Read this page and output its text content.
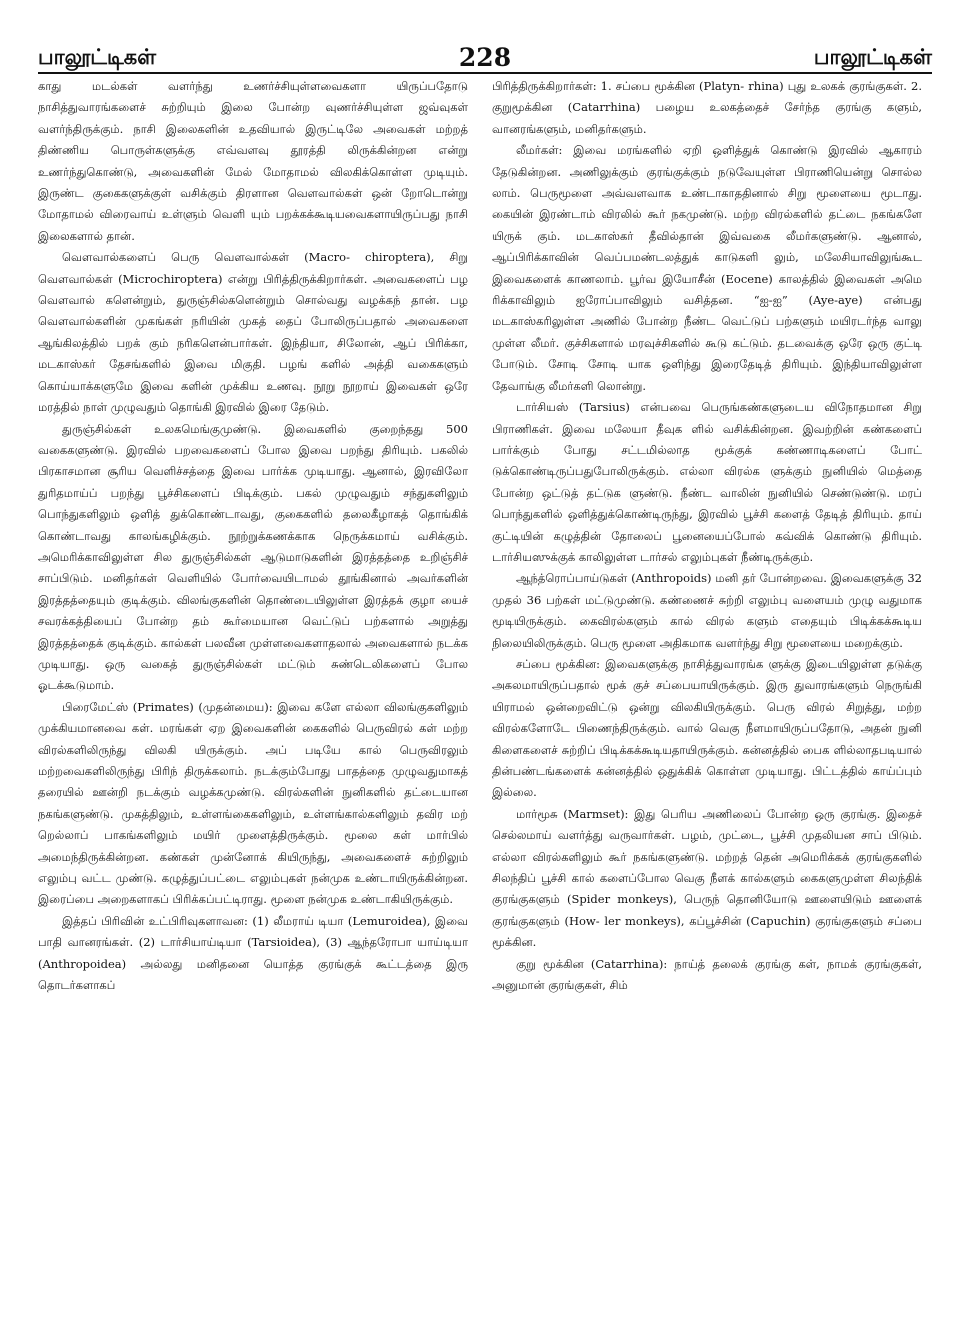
பாலூட்டிகள்	228	பாலூட்டிகள்

காது மடல்கள் வளர்ந்து உணர்ச்சியுள்ளவைகளா யிருப்பதோடு நாசித்துவாரங்களைச் சுற்றியும் இலை போன்ற வுணர்ச்சியுள்ள ஜவ்வுகள் வளர்ந்திருக்கும். நாசி இலைகளின் உதவியால் இருட்டிலே அவைகள் மற்றத் திண்ணிய பொருள்களுக்கு எவ்வளவு தூரத்தி லிருக்கின்றன என்று உணர்ந்துகொண்டு, அவைகளின் மேல் மோதாமல் விலகிக்கொள்ள முடியும். இருண்ட குகைகளுக்குள் வசிக்கும் திரளான வௌவால்கள் ஒன் றோடொன்று மோதாமல் விரைவாய் உள்ளும் வெளி யும் பறக்கக்கூடியவைகளாயிருப்பது நாசி இலைகளால் தான்.

வௌவால்களைப் பெரு வௌவால்கள் (Macro- chiroptera), சிறு வௌவால்கள் (Microchiroptera) என்று பிரித்திருக்கிறார்கள். அவைகளைப் பழ வௌவால் களென்றும், துருஞ்சில்களென்றும் சொல்வது வழக்கந் தான். பழ வௌவால்களின் முகங்கள் நரியின் முகத் தைப் போலிருப்பதால் அவைகளை ஆங்கிலத்தில் பறக் கும் நரிகளென்பார்கள். இந்தியா, சிலோன், ஆப் பிரிக்கா, மடகாஸ்கர் தேசங்களில் இவை மிகுதி. பழங் களில் அத்தி வகைகளும் கொய்யாக்களுமே இவை களின் முக்கிய உணவு. நூறு நூறாய் இவைகள் ஒரே மரத்தில் நாள் முழுவதும் தொங்கி இரவில் இரை தேடும்.

துருஞ்சில்கள் உலகமெங்குமுண்டு. இவைகளில் குறைந்தது 500 வகைகளுண்டு. இரவில் பறவைகளைப் போல இவை பறந்து திரியும். பகலில் பிரகாசமான சூரிய வெளிச்சத்தை இவை பார்க்க முடியாது. ஆனால், இரவிலோ துரிதமாய்ப் பறந்து பூச்சிகளைப் பிடிக்கும். பகல் முழுவதும் சந்துகளிலும் பொந்துகளிலும் ஒளித் துக்கொண்டாவது, குகைகளில் தலைகீழாகத் தொங்கிக் கொண்டாவது காலங்கழிக்கும். நூற்றுக்கணக்காக நெருக்கமாய் வசிக்கும். அமெரிக்காவிலுள்ள சில துருஞ்சில்கள் ஆடுமாடுகளின் இரத்தத்தை உறிஞ்சிச் சாப்பிடும். மனிதர்கள் வெளியில் போர்வையிடாமல் தூங்கினால் அவர்களின் இரத்தத்தையும் குடிக்கும். விலங்குகளின் தொண்டையிலுள்ள இரத்தக் குழா யைச் சவரக்கத்தியைப் போன்ற தம் கூர்மையான வெட்டுப் பற்களால் அறுத்து இரத்தத்தைக் குடிக்கும். கால்கள் பலவீன முள்ளவைகளாதலால் அவைகளால் நடக்க முடியாது. ஒரு வகைத் துருஞ்சில்கள் மட்டும் சுண்டெலிகளைப் போல ஓடக்கூடுமாம்.

பிரைமேட்ஸ் (Primates) (முதன்மைய): இவை களே எல்லா விலங்குகளிலும் முக்கியமானவை கள். மரங்கள் ஏற இவைகளின் கைகளில் பெருவிரல் கள் மற்ற விரல்களிலிருந்து விலகி யிருக்கும். அப் படியே கால் பெருவிரலும் மற்றவைகளிலிருந்து பிரிந் திருக்கலாம். நடக்கும்போது பாதத்தை முழுவதுமாகத் தரையில் ஊன்றி நடக்கும் வழக்கமுண்டு. விரல்களின் நுனிகளில் தட்டையான நகங்களுண்டு. முகத்திலும், உள்ளங்கைகளிலும், உள்ளங்கால்களிலும் தவிர மற் றெல்லாப் பாகங்களிலும் மயிர் முளைத்திருக்கும். மூலை கள் மார்பில் அமைந்திருக்கின்றன. கண்கள் முன்னோக் கியிருந்து, அவைகளைச் சுற்றிலும் எலும்பு வட்ட முண்டு. கழுத்துப்பட்டை எலும்புகள் நன்முக உண்டாயிருக்கின்றன. இரைப்பை அறைகளாகப் பிரிக்கப்பட்டிராது. மூளை நன்முக உண்டாகியிருக்கும்.

இத்தப் பிரிவின் உட்பிரிவுகளாவன: (1) லீமராய் டியா (Lemuroidea), இவை பாதி வானரங்கள். (2) டார்சியாய்டியா (Tarsioidea), (3) ஆந்தரோபா யாய்டியா (Anthropoidea) அல்லது மனிதனை யொத்த குரங்குக் கூட்டத்தை இரு தொடர்களாகப்

பிரித்திருக்கிறார்கள்: 1. சப்பை மூக்கின (Platyn- rhina) புது உலகக் குரங்குகள். 2. குறுமூக்கின (Catarrhina) பழைய உலகத்தைச் சேர்ந்த குரங்கு களும், வானரங்களும், மனிதர்களும்.

லீமர்கள்: இவை மரங்களில் ஏறி ஒளித்துக் கொண்டு இரவில் ஆகாரம் தேடுகின்றன. அணிலுக்கும் குரங்குக்கும் நடுவேயுள்ள பிராணியென்று சொல்ல லாம். பெருமூளை அவ்வளவாக உண்டாகாததினால் சிறு மூளையை மூடாது. கையின் இரண்டாம் விரலில் கூர் நகமுண்டு. மற்ற விரல்களில் தட்டை நகங்களே யிருக் கும். மடகாஸ்கர் தீவில்தான் இவ்வகை லீமர்களுண்டு. ஆனால், ஆப்பிரிக்காவின் வெப்பமண்டலத்துக் காடுகளி லும், மலேசியாவிலுங்கூட இவைகளைக் காணலாம். பூர்வ இயோசீன் (Eocene) காலத்தில் இவைகள் அமெ ரிக்காவிலும் ஐரோப்பாவிலும் வசித்தன. “ஐ-ஐ” (Aye-aye) என்பது மடகாஸ்கரிலுள்ள அணில் போன்ற நீண்ட வெட்டுப் பற்களும் மயிரடர்ந்த வாலு முள்ள லீமர். குச்சிகளால் மரவுச்சிகளில் கூடு கட்டும். தடவைக்கு ஒரே ஒரு குட்டி போடும். சோடி சோடி யாக ஒளிந்து இரைதேடித் திரியும். இந்தியாவிலுள்ள தேவாங்கு லீமர்களி லொன்று.

டார்சியஸ் (Tarsius) என்பவை பெருங்கண்களுடைய விநோதமான சிறு பிராணிகள். இவை மலேயா தீவுக ளில் வசிக்கின்றன. இவற்றின் கண்களைப் பார்க்கும் போது சட்டமில்லாத மூக்குக் கண்ணாடிகளைப் போட் டுக்கொண்டிருப்பதுபோலிருக்கும். எல்லா விரல்க ளுக்கும் நுனியில் மெத்தை போன்ற ஒட்டுத் தட்டுக ளுண்டு. நீண்ட வாலின் நுனியில் செண்டுண்டு. மரப் பொந்துகளில் ஒளித்துக்கொண்டிருந்து, இரவில் பூச்சி களைத் தேடித் திரியும். தாய் குட்டியின் கழுத்தின் தோலைப் பூனையைப்போல் கவ்விக் கொண்டு திரியும். டார்சியஸுக்குக் காலிலுள்ள டார்சல் எலும்புகள் நீண்டிருக்கும்.

ஆந்த்ரொப்பாய்டுகள் (Anthropoids) மனி தர் போன்றவை. இவைகளுக்கு 32 முதல் 36 பற்கள் மட்டுமுண்டு. கண்ணைச் சுற்றி எலும்பு வளையம் முழு வதுமாக மூடியிருக்கும். கைவிரல்களும் கால் விரல் களும் எதையும் பிடிக்கக்கூடிய நிலையிலிருக்கும். பெரு மூளை அதிகமாக வளர்ந்து சிறு மூளையை மறைக்கும்.

சப்பை மூக்கின: இவைகளுக்கு நாசித்துவாரங்க ளுக்கு இடையிலுள்ள தடுக்கு அகலமாயிருப்பதால் மூக் குச் சப்பையாயிருக்கும். இரு துவாரங்களும் நெருங்கி யிராமல் ஒன்றைவிட்டு ஒன்று விலகியிருக்கும். பெரு விரல் சிறுத்து, மற்ற விரல்களோடே பிணைந்திருக்கும். வால் வெகு நீளமாயிருப்பதோடு, அதன் நுனி கிளைகளைச் சுற்றிப் பிடிக்கக்கூடியதாயிருக்கும். கன்னத்தில் பைக ளில்லாதபடியால் தின்பண்டங்களைக் கன்னத்தில் ஒதுக்கிக் கொள்ள முடியாது. பிட்டத்தில் காய்ப்பும் இல்லை.

மார்மூசு (Marmset): இது பெரிய அணிலைப் போன்ற ஒரு குரங்கு. இதைச் செல்லமாய் வளர்த்து வருவார்கள். பழம், முட்டை, பூச்சி முதலியன சாப் பிடும். எல்லா விரல்களிலும் கூர் நகங்களுண்டு. மற்றத் தென் அமெரிக்கக் குரங்குகளில் சிலந்திப் பூச்சி கால் களைப்போல வெகு நீளக் கால்களும் கைகளுமுள்ள சிலந்திக் குரங்குகளும் (Spider monkeys), பெருந் தொனியோடு ஊளையிடும் ஊளைக் குரங்குகளும் (How- ler monkeys), கப்பூச்சின் (Capuchin) குரங்குகளும் சப்பை மூக்கின.

குறு மூக்கின (Catarrhina): நாய்த் தலைக் குரங்கு கள், நாமக் குரங்குகள், அனுமான் குரங்குகள், சிம்
